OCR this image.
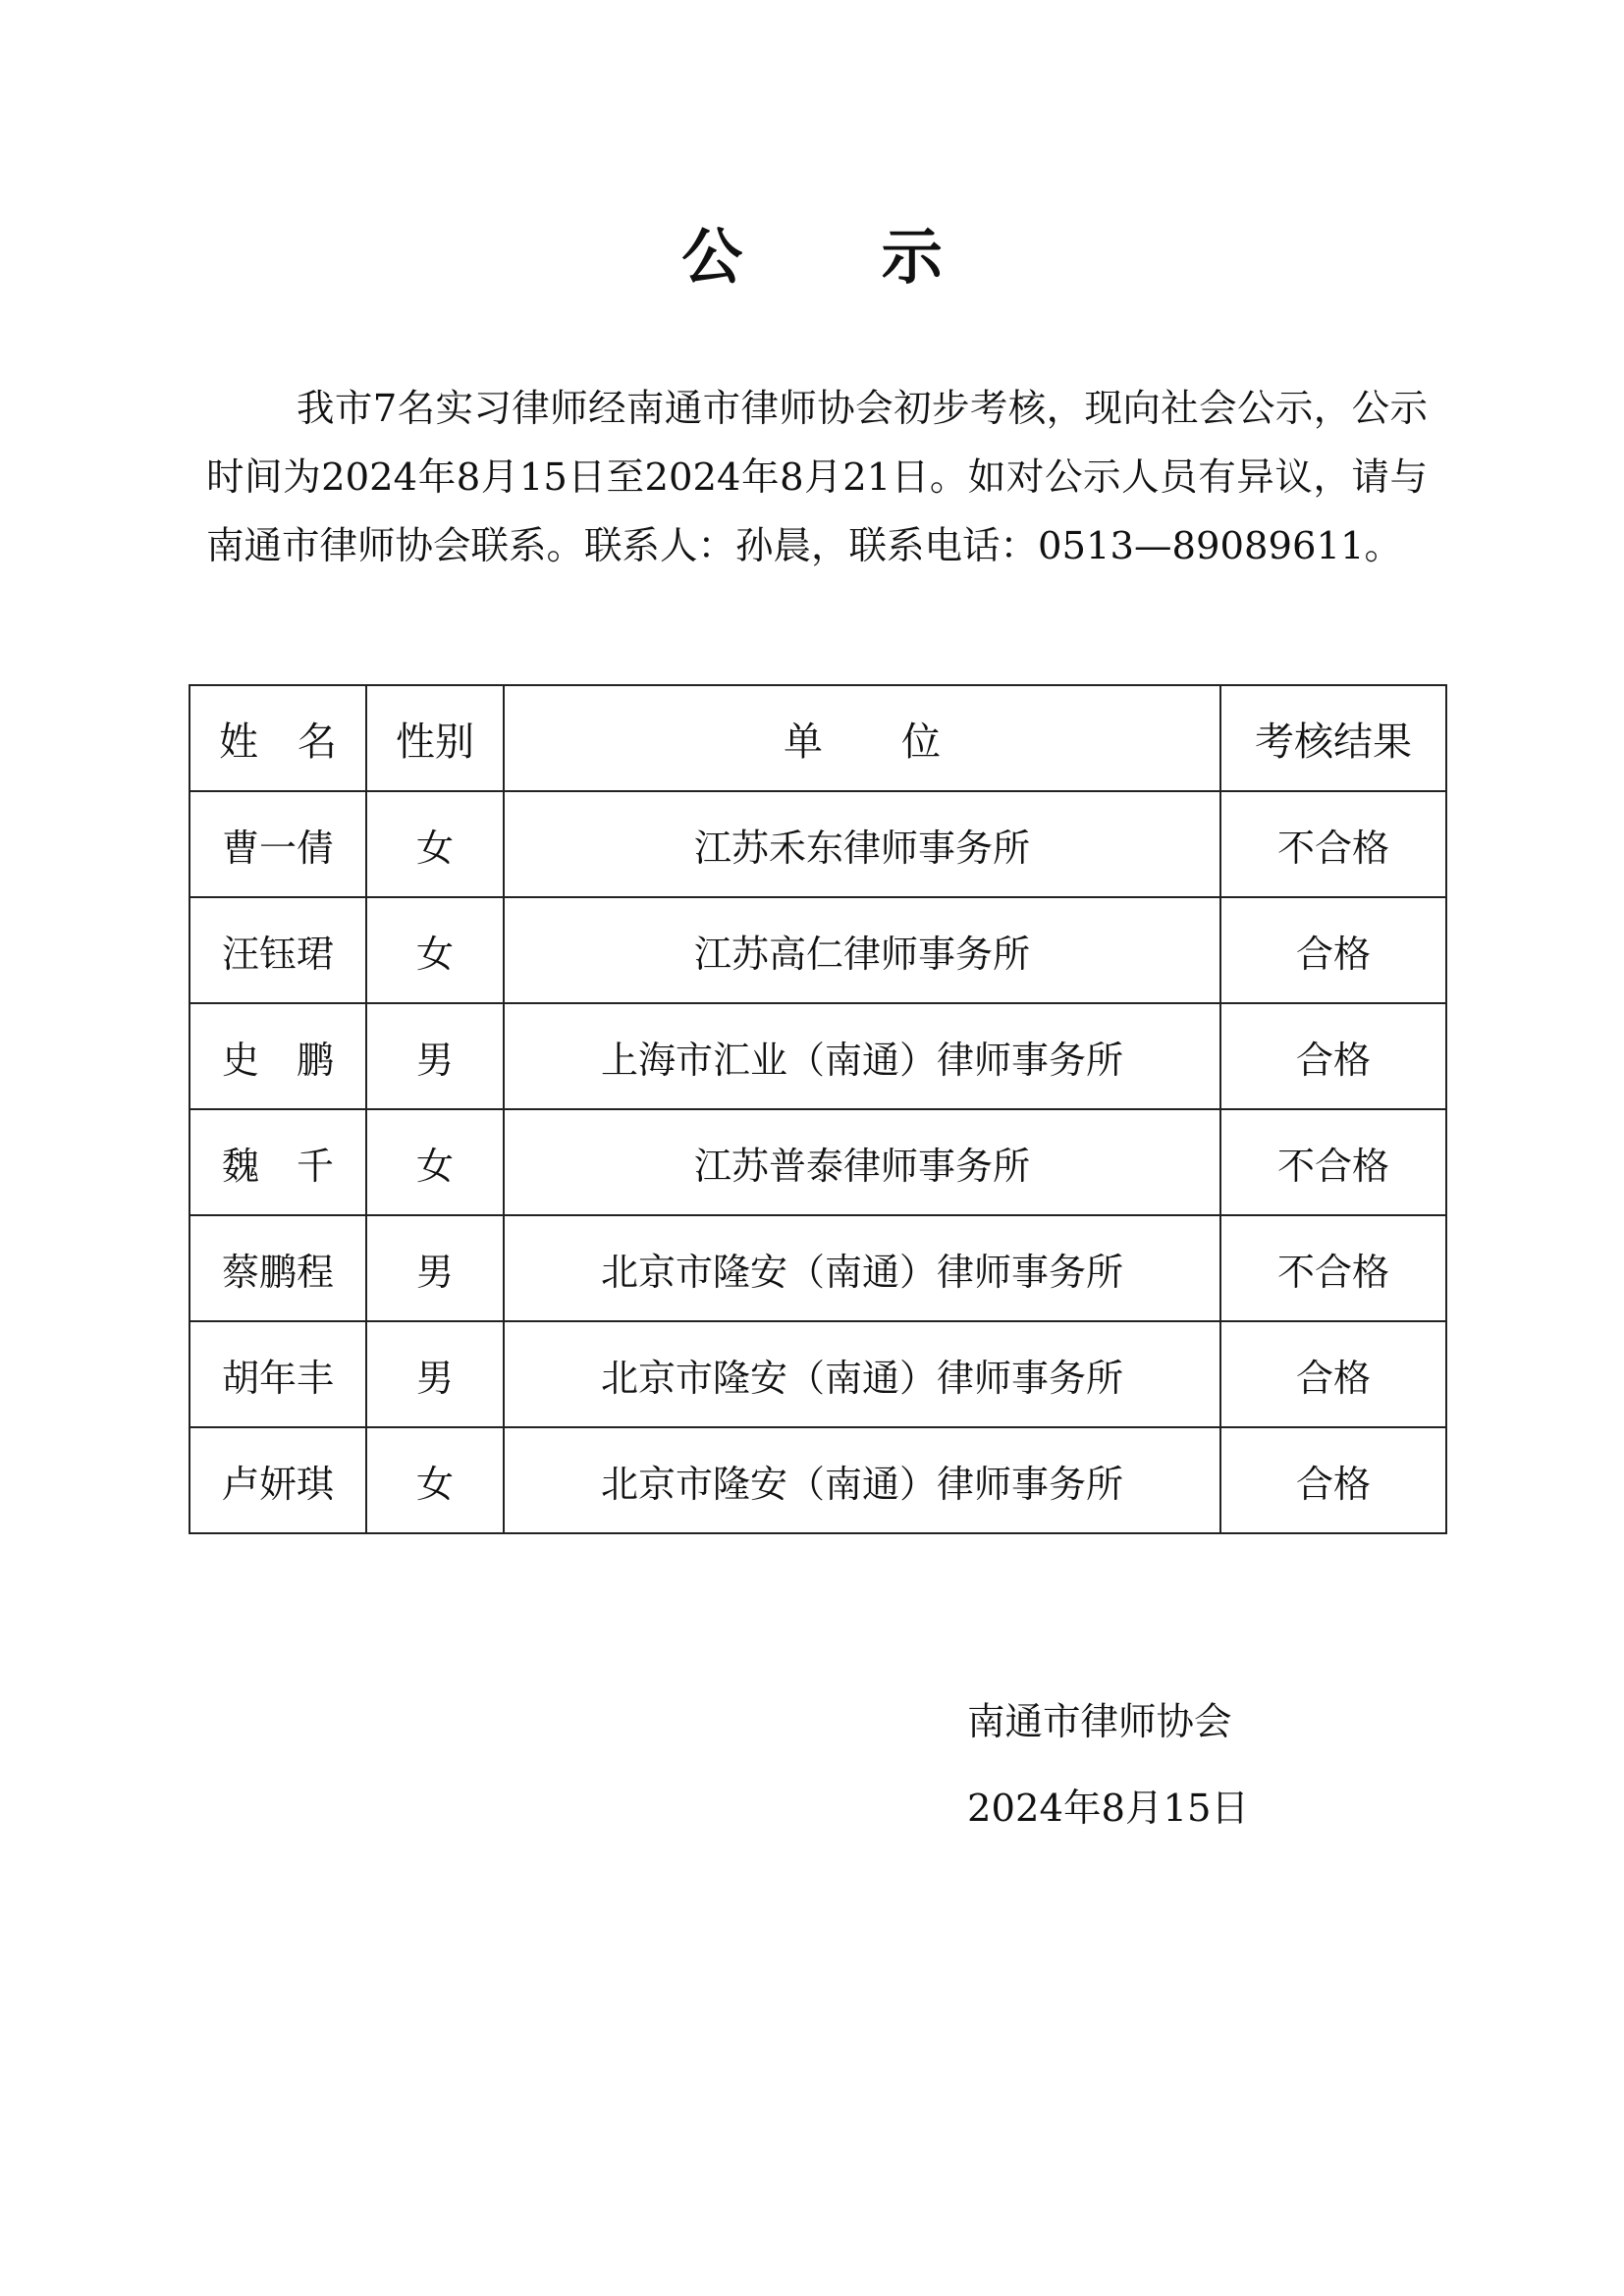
公 示

我市7名实习律师经南通市律师协会初步考核，现向社会公示，公示时间为2024年8月15日至2024年8月21日。如对公示人员有异议，请与南通市律师协会联系。联系人：孙晨，联系电话：0513—89089611。

姓　名	性别	单　　位	考核结果
曹一倩	女	江苏禾东律师事务所	不合格
汪钰珺	女	江苏高仁律师事务所	合格
史　鹏	男	上海市汇业（南通）律师事务所	合格
魏　千	女	江苏普泰律师事务所	不合格
蔡鹏程	男	北京市隆安（南通）律师事务所	不合格
胡年丰	男	北京市隆安（南通）律师事务所	合格
卢妍琪	女	北京市隆安（南通）律师事务所	合格
南通市律师协会
2024年8月15日
